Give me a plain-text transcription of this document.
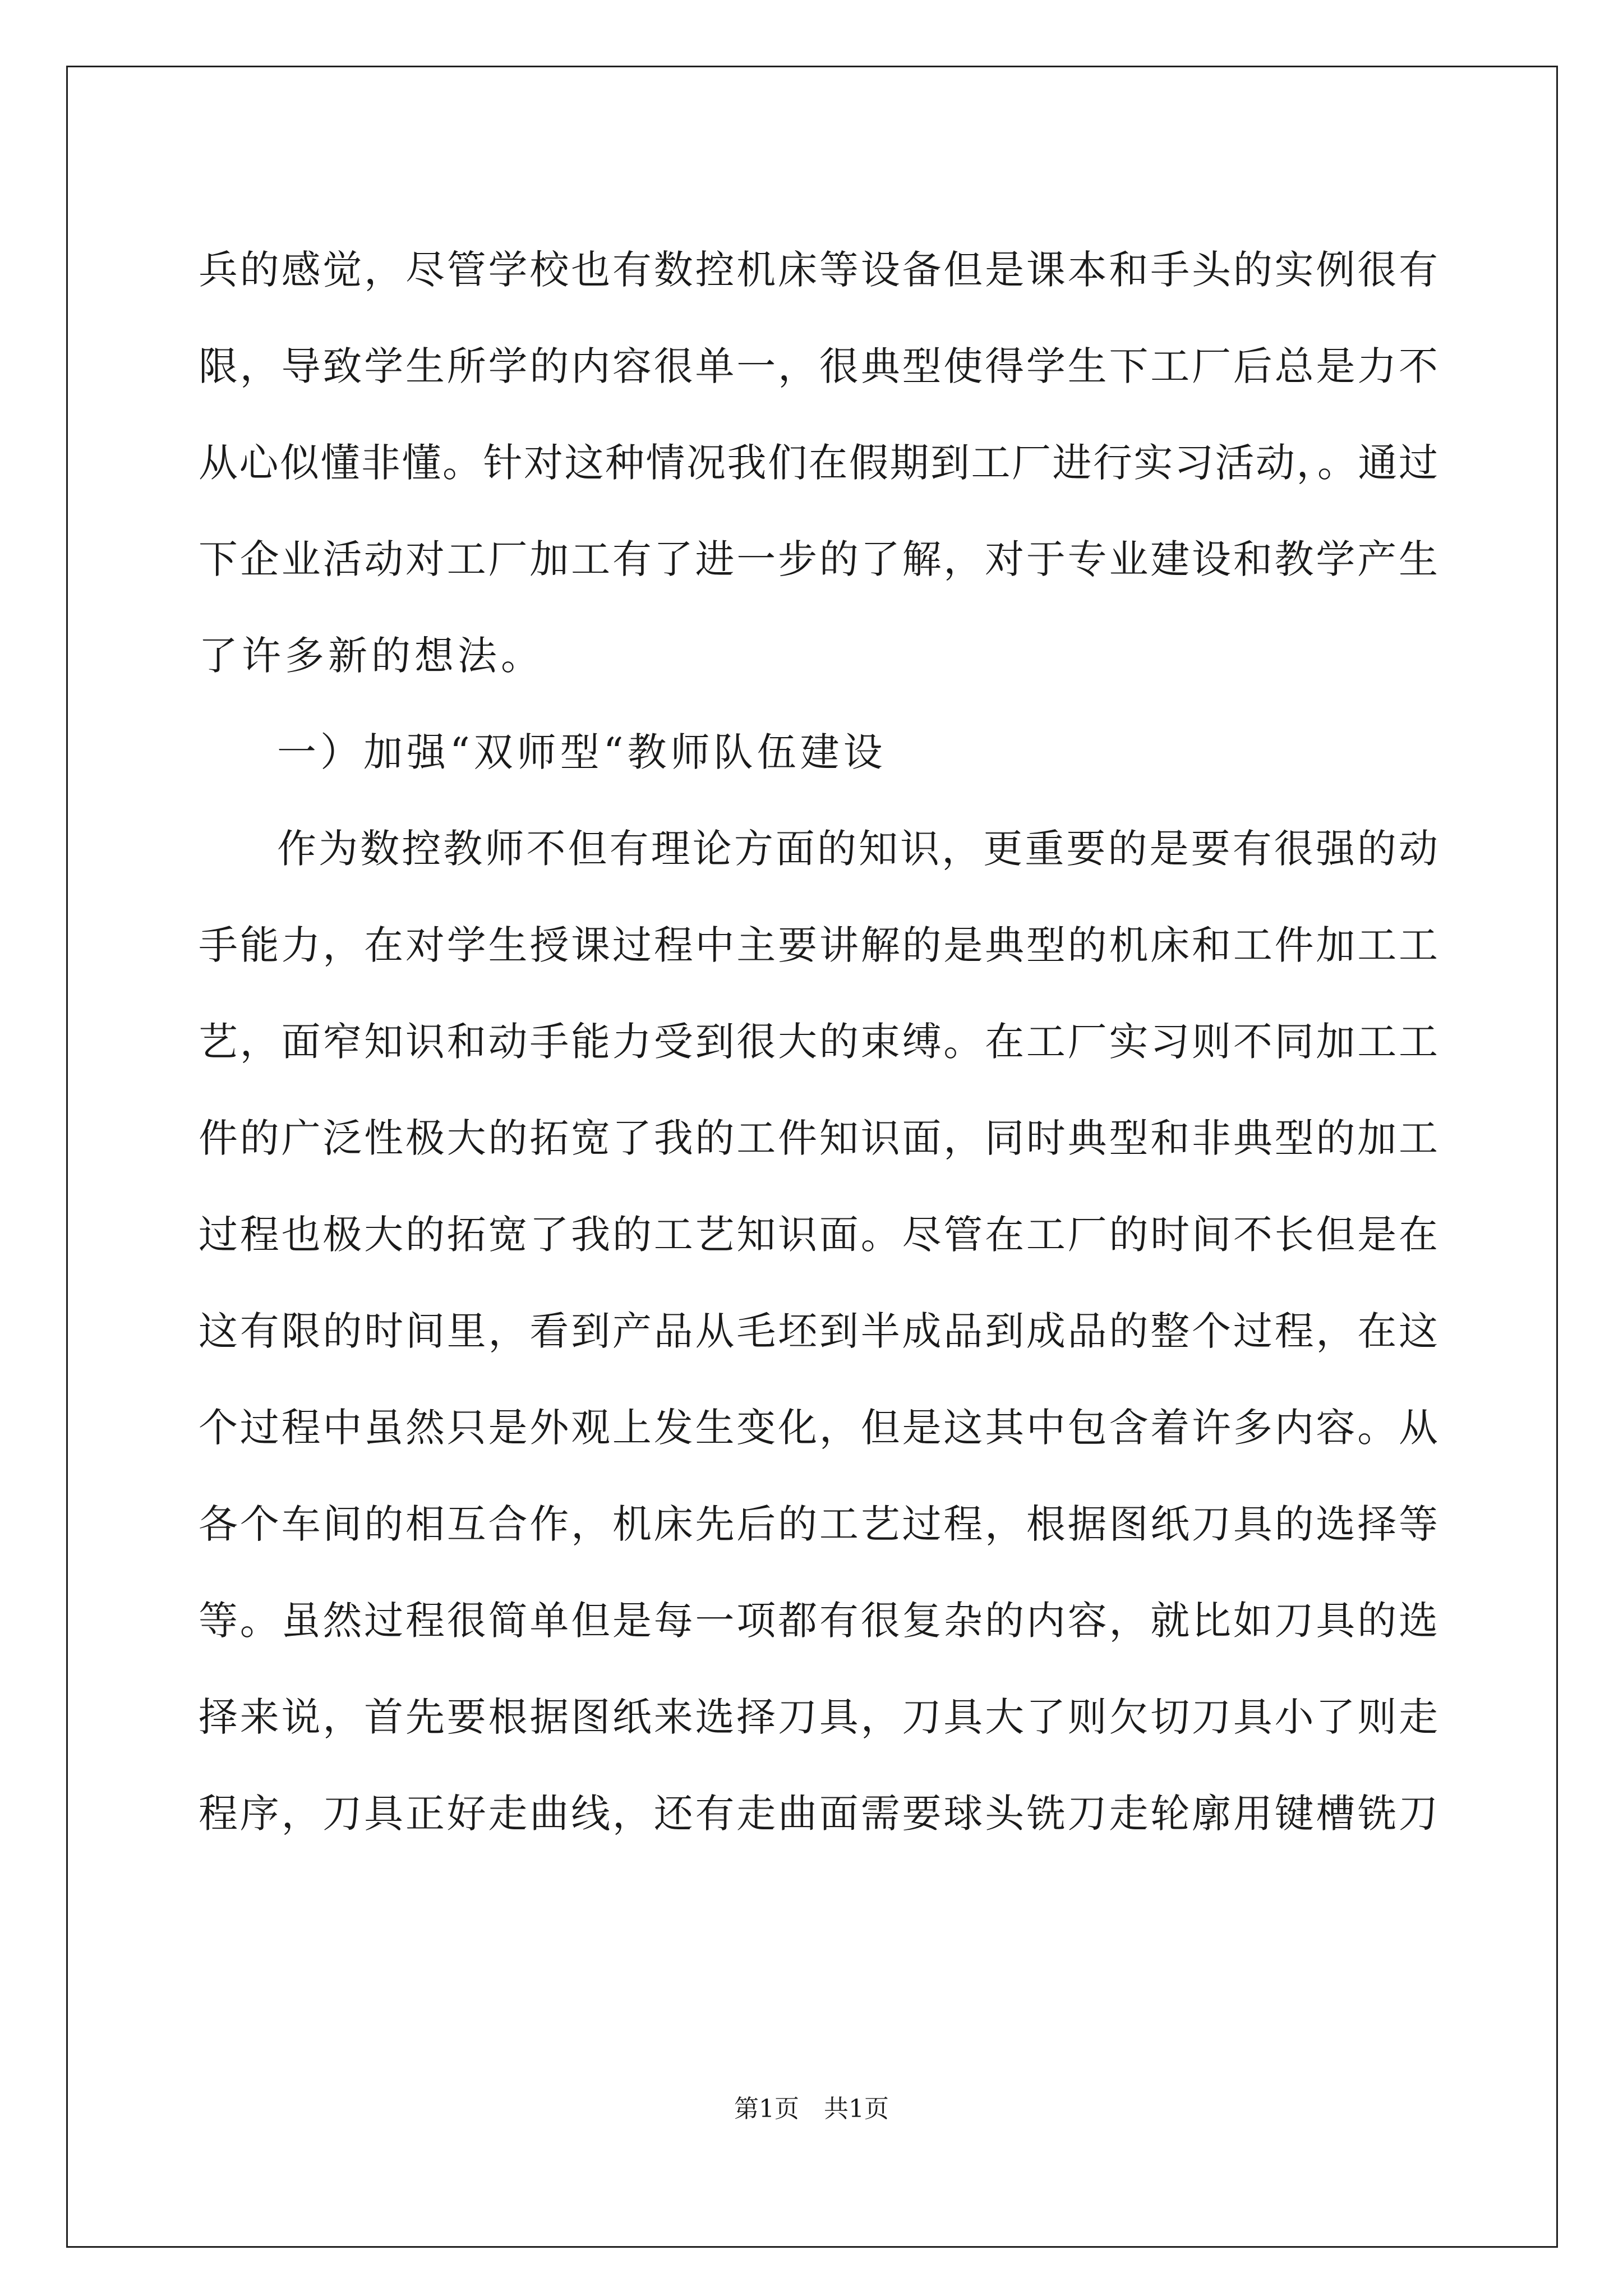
兵的感觉，尽管学校也有数控机床等设备但是课本和手头的实例很有
限，导致学生所学的内容很单一，很典型使得学生下工厂后总是力不
从心似懂非懂。针对这种情况我们在假期到工厂进行实习活动，。通过
下企业活动对工厂加工有了进一步的了解，对于专业建设和教学产生
了许多新的想法。
一）加强“双师型“教师队伍建设
作为数控教师不但有理论方面的知识，更重要的是要有很强的动
手能力，在对学生授课过程中主要讲解的是典型的机床和工件加工工
艺，面窄知识和动手能力受到很大的束缚。在工厂实习则不同加工工
件的广泛性极大的拓宽了我的工件知识面，同时典型和非典型的加工
过程也极大的拓宽了我的工艺知识面。尽管在工厂的时间不长但是在
这有限的时间里，看到产品从毛坯到半成品到成品的整个过程，在这
个过程中虽然只是外观上发生变化，但是这其中包含着许多内容。从
各个车间的相互合作，机床先后的工艺过程，根据图纸刀具的选择等
等。虽然过程很简单但是每一项都有很复杂的内容，就比如刀具的选
择来说，首先要根据图纸来选择刀具，刀具大了则欠切刀具小了则走
程序，刀具正好走曲线，还有走曲面需要球头铣刀走轮廓用键槽铣刀
第1页　共1页
